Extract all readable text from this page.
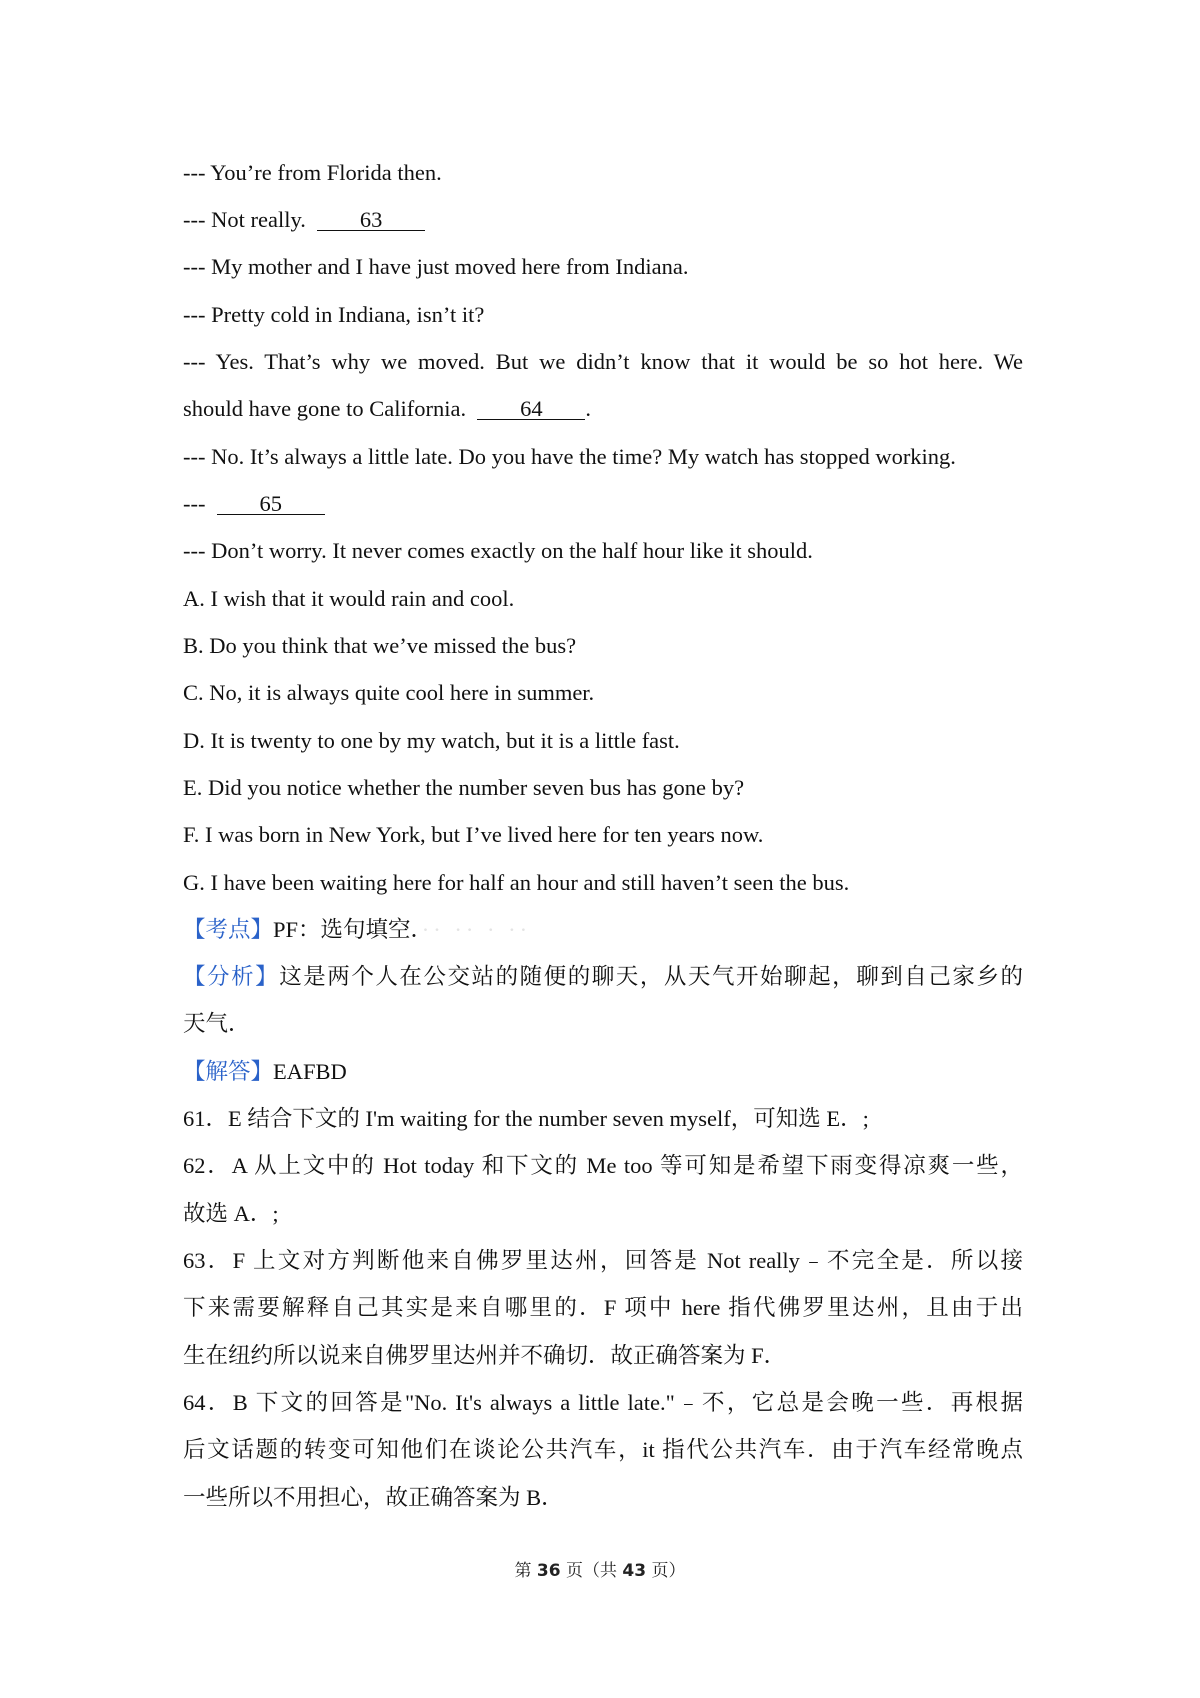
--- You’re from Florida then.
--- Not really. 63
--- My mother and I have just moved here from Indiana.
--- Pretty cold in Indiana, isn’t it?
--- Yes. That’s why we moved. But we didn’t know that it would be so hot here. We
should have gone to California. 64 .
--- No. It’s always a little late. Do you have the time? My watch has stopped working.
--- 65
--- Don’t worry. It never comes exactly on the half hour like it should.
A. I wish that it would rain and cool.
B. Do you think that we’ve missed the bus?
C. No, it is always quite cool here in summer.
D. It is twenty to one by my watch, but it is a little fast.
E. Did you notice whether the number seven bus has gone by?
F. I was born in New York, but I’ve lived here for ten years now.
G. I have been waiting here for half an hour and still haven’t seen the bus.
【考点】PF：选句填空．·· ·· · ··
【分析】这是两个人在公交站的随便的聊天，从天气开始聊起，聊到自己家乡的
天气．
【解答】EAFBD
61．E 结合下文的 I'm waiting for the number seven myself，可知选 E．;
62．A 从上文中的 Hot today 和下文的 Me too 等可知是希望下雨变得凉爽一些，
故选 A．;
63．F 上文对方判断他来自佛罗里达州，回答是 Not really﹣不完全是．所以接
下来需要解释自己其实是来自哪里的．F 项中 here 指代佛罗里达州，且由于出
生在纽约所以说来自佛罗里达州并不确切．故正确答案为 F．
64．B 下文的回答是"No. It's always a little late."﹣不，它总是会晚一些．再根据
后文话题的转变可知他们在谈论公共汽车，it 指代公共汽车．由于汽车经常晚点
一些所以不用担心，故正确答案为 B．
第 36 页（共 43 页）
